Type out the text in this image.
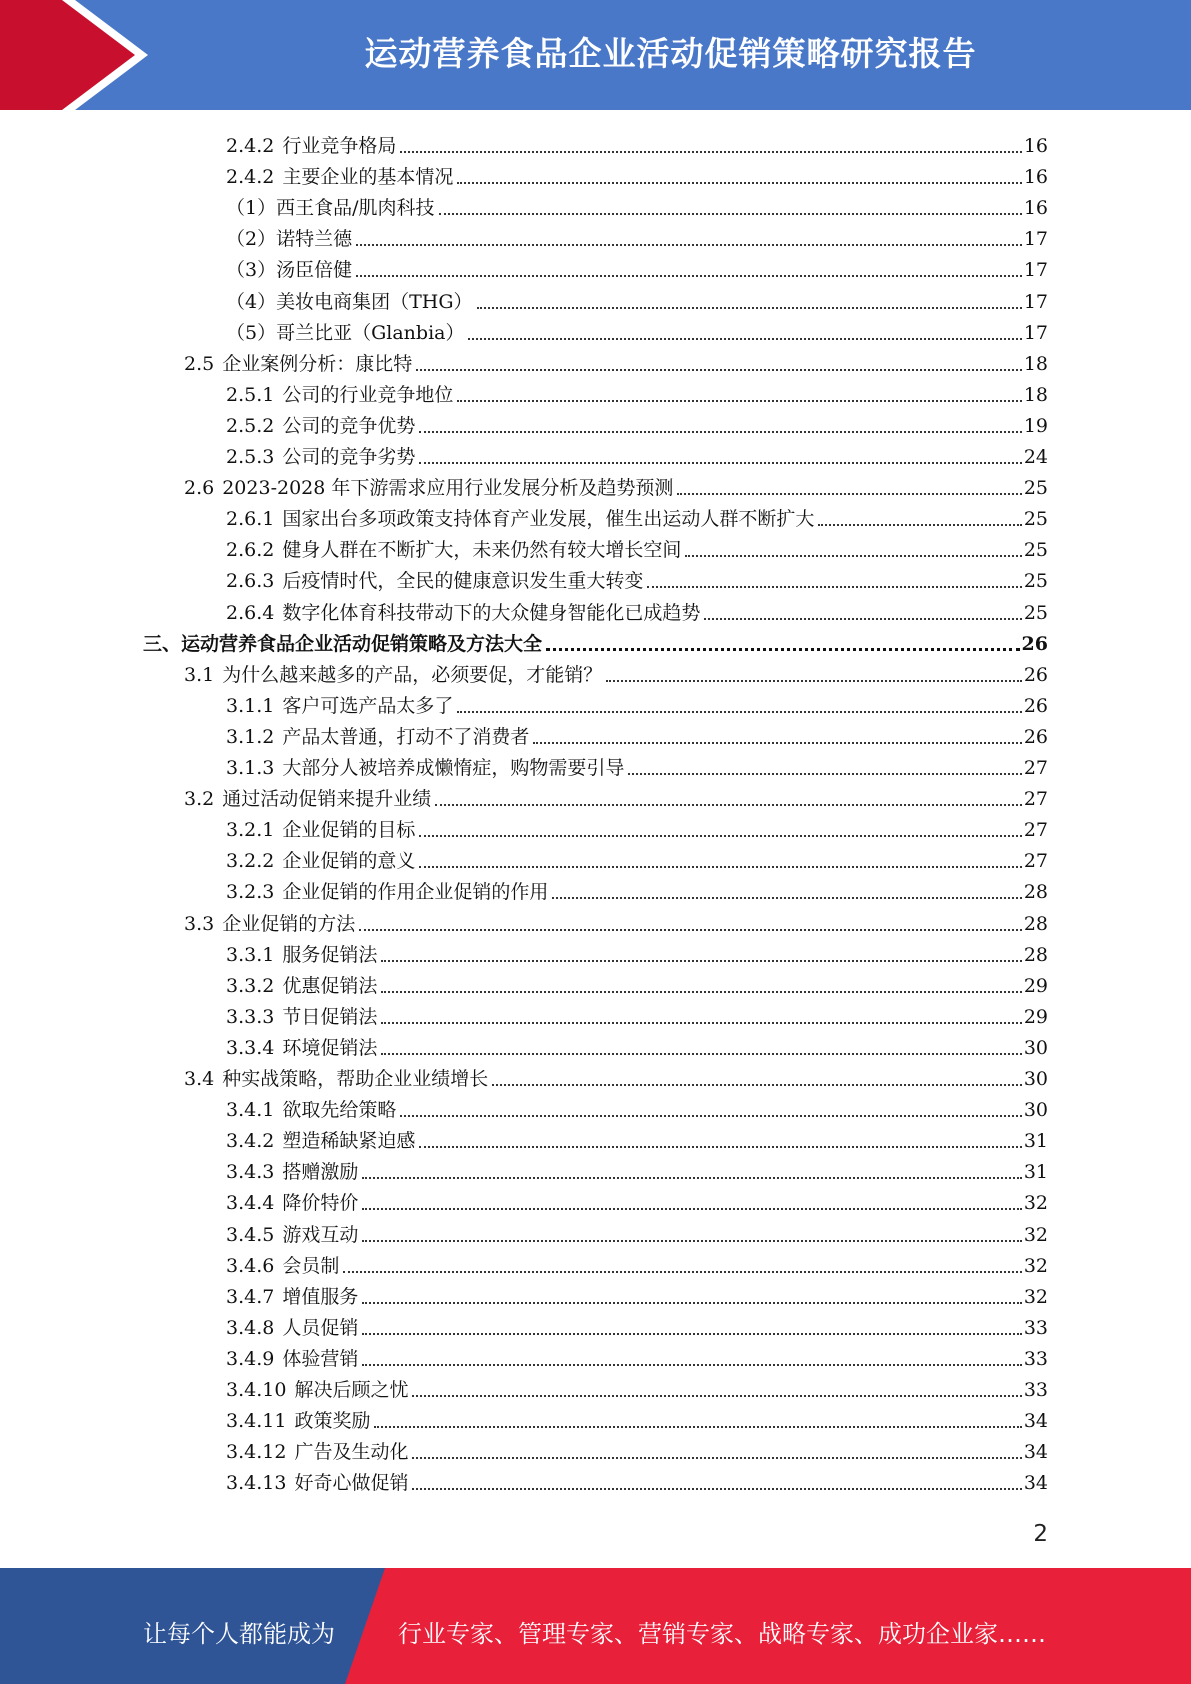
运动营养食品企业活动促销策略研究报告
2.4.2 行业竞争格局	16
2.4.2 主要企业的基本情况	16
（1）西王食品/肌肉科技	16
（2）诺特兰德	17
（3）汤臣倍健	17
（4）美妆电商集团（THG）	17
（5）哥兰比亚（Glanbia）	17
2.5 企业案例分析：康比特	18
2.5.1 公司的行业竞争地位	18
2.5.2 公司的竞争优势	19
2.5.3 公司的竞争劣势	24
2.6 2023-2028 年下游需求应用行业发展分析及趋势预测	25
2.6.1 国家出台多项政策支持体育产业发展，催生出运动人群不断扩大	25
2.6.2 健身人群在不断扩大，未来仍然有较大增长空间	25
2.6.3 后疫情时代，全民的健康意识发生重大转变	25
2.6.4 数字化体育科技带动下的大众健身智能化已成趋势	25
三、运动营养食品企业活动促销策略及方法大全	26
3.1 为什么越来越多的产品，必须要促，才能销？	26
3.1.1 客户可选产品太多了	26
3.1.2 产品太普通，打动不了消费者	26
3.1.3 大部分人被培养成懒惰症，购物需要引导	27
3.2 通过活动促销来提升业绩	27
3.2.1 企业促销的目标	27
3.2.2 企业促销的意义	27
3.2.3 企业促销的作用企业促销的作用	28
3.3 企业促销的方法	28
3.3.1 服务促销法	28
3.3.2 优惠促销法	29
3.3.3 节日促销法	29
3.3.4 环境促销法	30
3.4 种实战策略，帮助企业业绩增长	30
3.4.1 欲取先给策略	30
3.4.2 塑造稀缺紧迫感	31
3.4.3 搭赠激励	31
3.4.4 降价特价	32
3.4.5 游戏互动	32
3.4.6 会员制	32
3.4.7 增值服务	32
3.4.8 人员促销	33
3.4.9 体验营销	33
3.4.10 解决后顾之忧	33
3.4.11 政策奖励	34
3.4.12 广告及生动化	34
3.4.13 好奇心做促销	34
2
让每个人都能成为	行业专家、管理专家、营销专家、战略专家、成功企业家……
